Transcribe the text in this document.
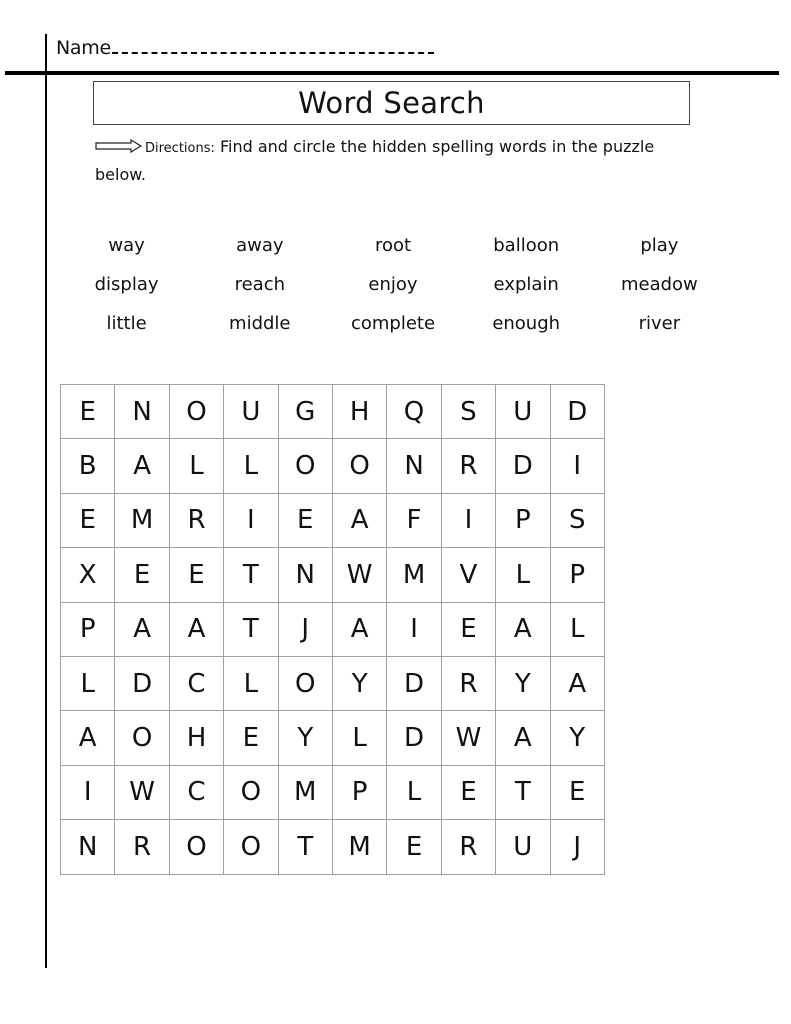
Name
Word Search
Directions: Find and circle the hidden spelling words in the puzzle below.
way	away	root	balloon	play
display	reach	enjoy	explain	meadow
little	middle	complete	enough	river
E	N	O	U	G	H	Q	S	U	D
B	A	L	L	O	O	N	R	D	I
E	M	R	I	E	A	F	I	P	S
X	E	E	T	N	W	M	V	L	P
P	A	A	T	J	A	I	E	A	L
L	D	C	L	O	Y	D	R	Y	A
A	O	H	E	Y	L	D	W	A	Y
I	W	C	O	M	P	L	E	T	E
N	R	O	O	T	M	E	R	U	J
